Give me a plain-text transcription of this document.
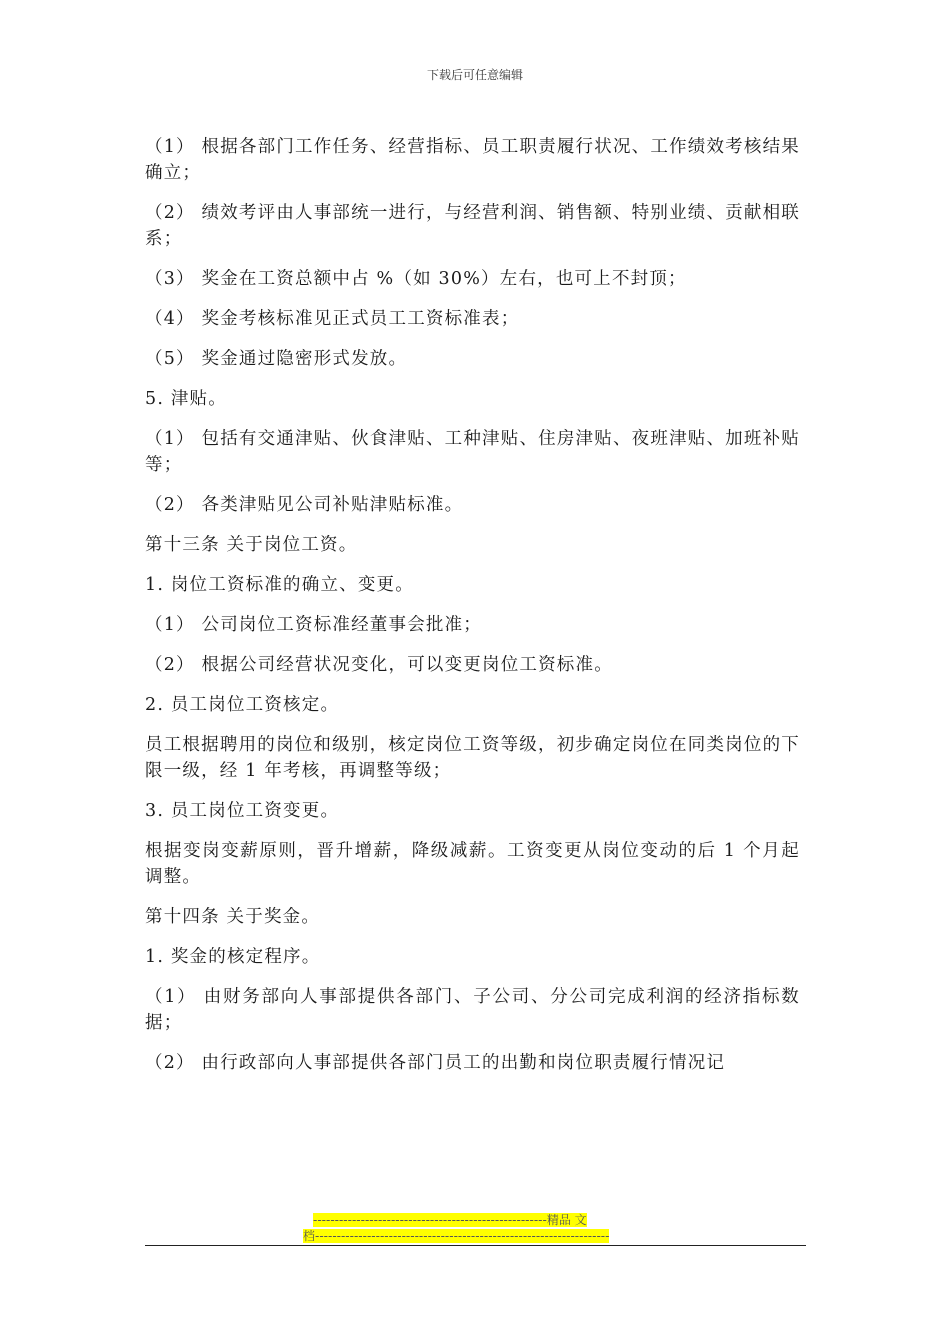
下载后可任意编辑

（1） 根据各部门工作任务、经营指标、员工职责履行状况、工作绩效考核结果确立；

（2） 绩效考评由人事部统一进行，与经营利润、销售额、特别业绩、贡献相联系；

（3） 奖金在工资总额中占 %（如 30%）左右，也可上不封顶；

（4） 奖金考核标准见正式员工工资标准表；

（5） 奖金通过隐密形式发放。

5. 津贴。

（1） 包括有交通津贴、伙食津贴、工种津贴、住房津贴、夜班津贴、加班补贴等；

（2） 各类津贴见公司补贴津贴标准。

第十三条 关于岗位工资。

1. 岗位工资标准的确立、变更。

（1） 公司岗位工资标准经董事会批准；

（2） 根据公司经营状况变化，可以变更岗位工资标准。

2. 员工岗位工资核定。

员工根据聘用的岗位和级别，核定岗位工资等级，初步确定岗位在同类岗位的下限一级，经 1 年考核，再调整等级；

3. 员工岗位工资变更。

根据变岗变薪原则，晋升增薪，降级减薪。工资变更从岗位变动的后 1 个月起调整。

第十四条 关于奖金。

1. 奖金的核定程序。

（1） 由财务部向人事部提供各部门、子公司、分公司完成利润的经济指标数据；

（2） 由行政部向人事部提供各部门员工的出勤和岗位职责履行情况记

------------------------------------------------------精品 文
档--------------------------------------------------------------------
